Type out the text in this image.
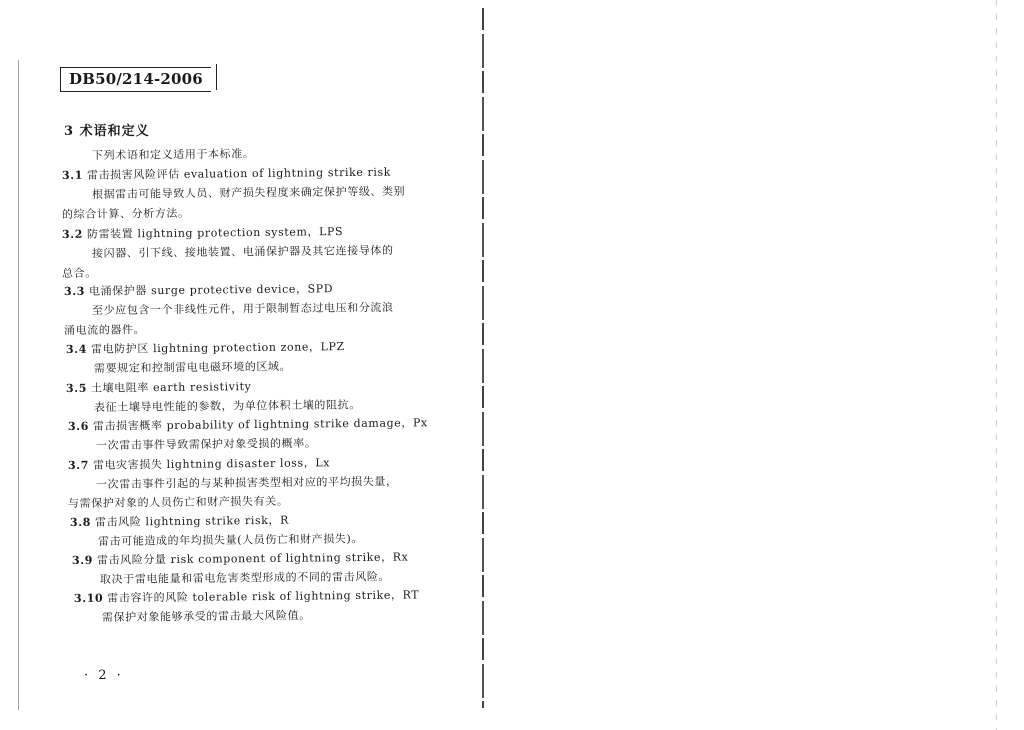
DB50/214-2006
3 术语和定义
下列术语和定义适用于本标准。
3.1 雷击损害风险评估 evaluation of lightning strike risk
根据雷击可能导致人员、财产损失程度来确定保护等级、类别
的综合计算、分析方法。
3.2 防雷装置 lightning protection system，LPS
接闪器、引下线、接地装置、电涌保护器及其它连接导体的
总合。
3.3 电涌保护器 surge protective device，SPD
至少应包含一个非线性元件，用于限制暂态过电压和分流浪
涌电流的器件。
3.4 雷电防护区 lightning protection zone，LPZ
需要规定和控制雷电电磁环境的区域。
3.5 土壤电阻率 earth resistivity
表征土壤导电性能的参数，为单位体积土壤的阻抗。
3.6 雷击损害概率 probability of lightning strike damage，Px
一次雷击事件导致需保护对象受损的概率。
3.7 雷电灾害损失 lightning disaster loss，Lx
一次雷击事件引起的与某种损害类型相对应的平均损失量，
与需保护对象的人员伤亡和财产损失有关。
3.8 雷击风险 lightning strike risk，R
雷击可能造成的年均损失量(人员伤亡和财产损失)。
3.9 雷击风险分量 risk component of lightning strike，Rx
取决于雷电能量和雷电危害类型形成的不同的雷击风险。
3.10 雷击容许的风险 tolerable risk of lightning strike，RT
需保护对象能够承受的雷击最大风险值。
· 2 ·
